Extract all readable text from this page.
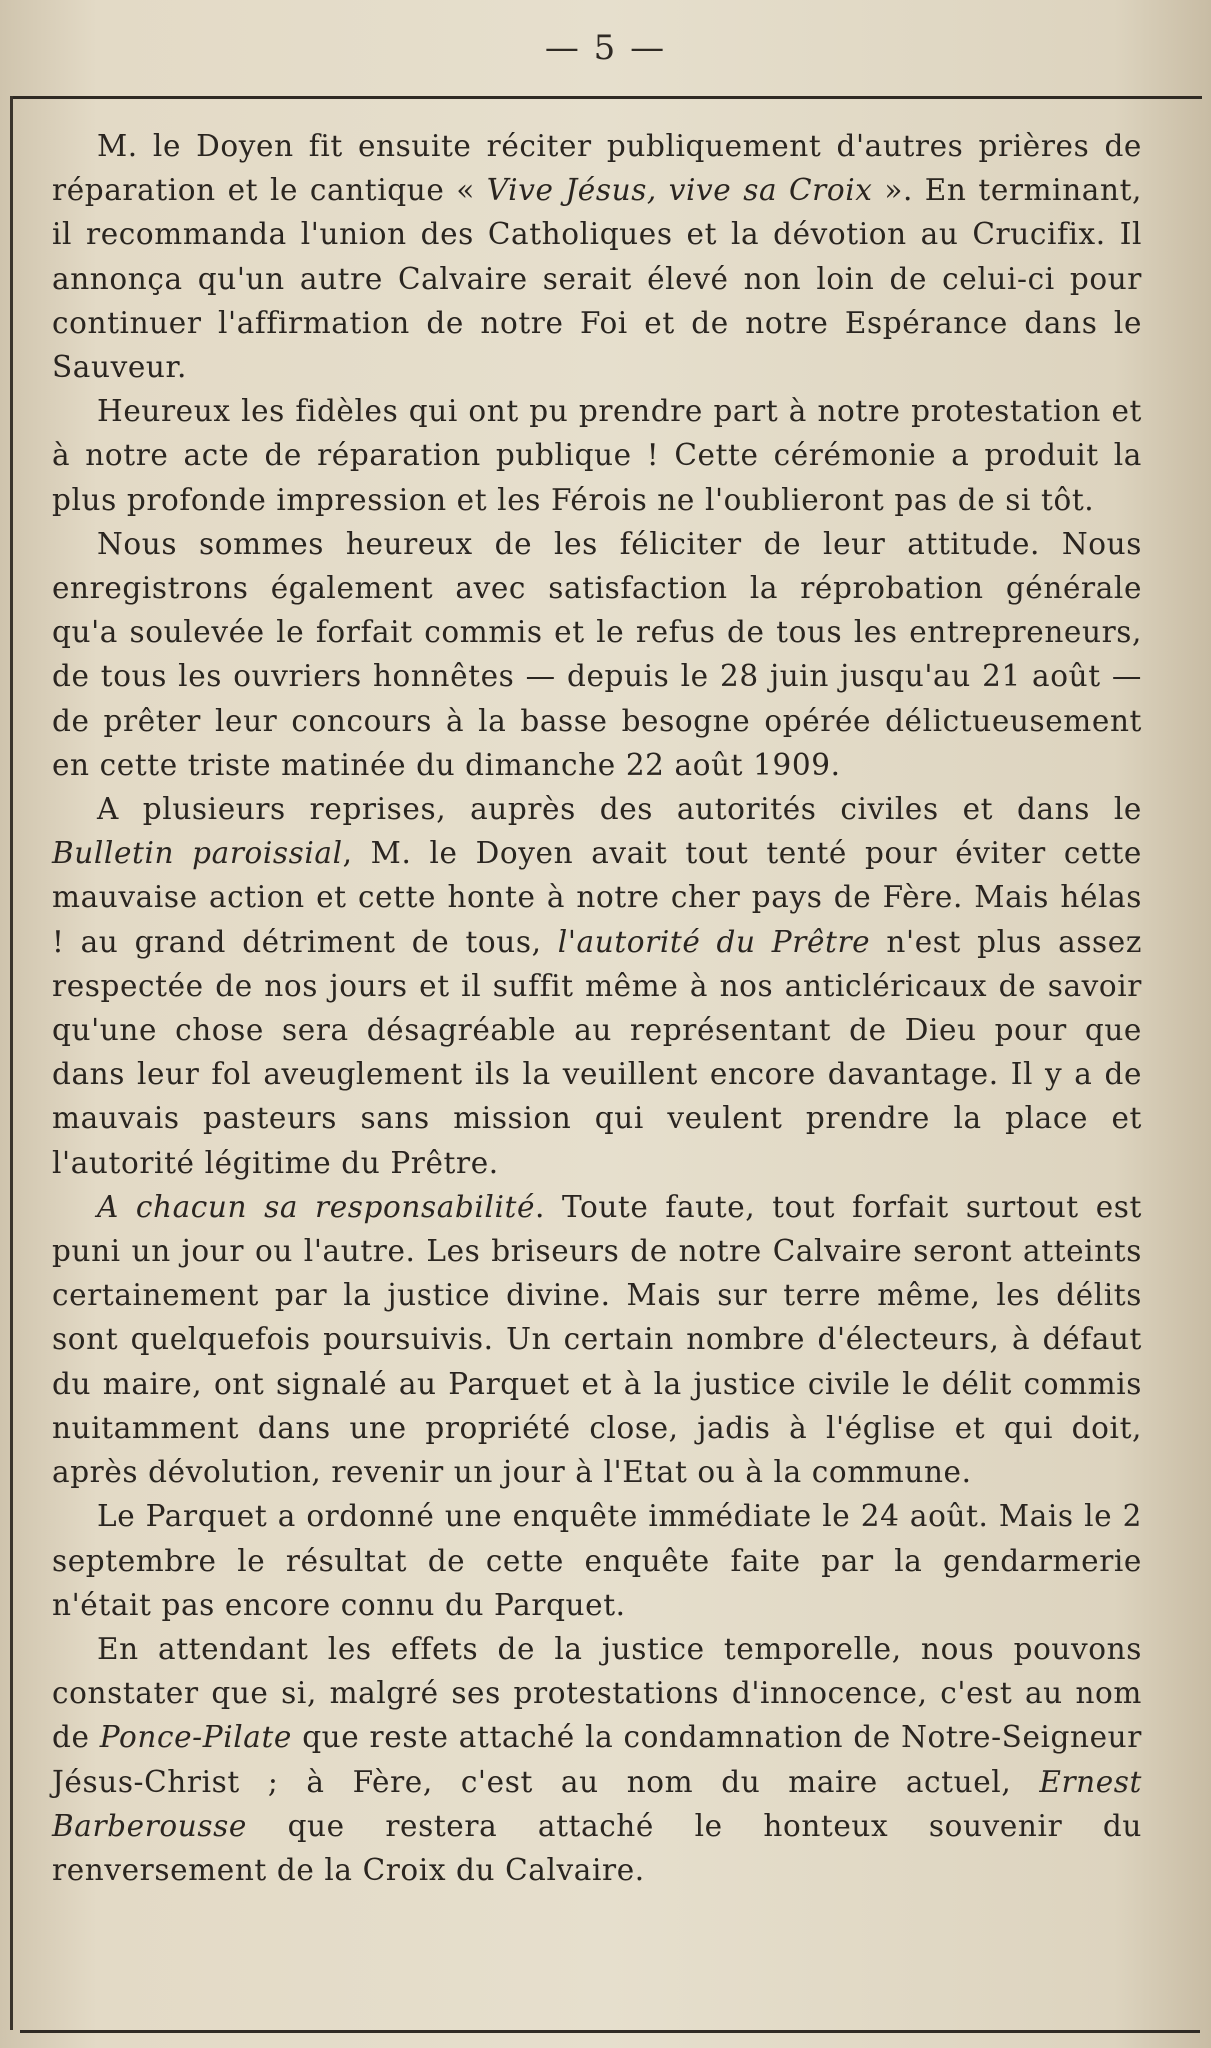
— 5 —

M. le Doyen fit ensuite réciter publiquement d'autres prières de réparation et le cantique « Vive Jésus, vive sa Croix ». En terminant, il recommanda l'union des Catholiques et la dévotion au Crucifix. Il annonça qu'un autre Calvaire serait élevé non loin de celui-ci pour continuer l'affirmation de notre Foi et de notre Espérance dans le Sauveur.

Heureux les fidèles qui ont pu prendre part à notre protestation et à notre acte de réparation publique ! Cette cérémonie a produit la plus profonde impression et les Férois ne l'oublieront pas de si tôt.

Nous sommes heureux de les féliciter de leur attitude. Nous enregistrons également avec satisfaction la réprobation générale qu'a soulevée le forfait commis et le refus de tous les entrepreneurs, de tous les ouvriers honnêtes — depuis le 28 juin jusqu'au 21 août — de prêter leur concours à la basse besogne opérée délictueusement en cette triste matinée du dimanche 22 août 1909.

A plusieurs reprises, auprès des autorités civiles et dans le Bulletin paroissial, M. le Doyen avait tout tenté pour éviter cette mauvaise action et cette honte à notre cher pays de Fère. Mais hélas ! au grand détriment de tous, l'autorité du Prêtre n'est plus assez respectée de nos jours et il suffit même à nos anticléricaux de savoir qu'une chose sera désagréable au représentant de Dieu pour que dans leur fol aveuglement ils la veuillent encore davantage. Il y a de mauvais pasteurs sans mission qui veulent prendre la place et l'autorité légitime du Prêtre.

A chacun sa responsabilité. Toute faute, tout forfait surtout est puni un jour ou l'autre. Les briseurs de notre Calvaire seront atteints certainement par la justice divine. Mais sur terre même, les délits sont quelquefois poursuivis. Un certain nombre d'électeurs, à défaut du maire, ont signalé au Parquet et à la justice civile le délit commis nuitamment dans une propriété close, jadis à l'église et qui doit, après dévolution, revenir un jour à l'Etat ou à la commune.

Le Parquet a ordonné une enquête immédiate le 24 août. Mais le 2 septembre le résultat de cette enquête faite par la gendarmerie n'était pas encore connu du Parquet.

En attendant les effets de la justice temporelle, nous pouvons constater que si, malgré ses protestations d'innocence, c'est au nom de Ponce-Pilate que reste attaché la condamnation de Notre-Seigneur Jésus-Christ ; à Fère, c'est au nom du maire actuel, Ernest Barberousse que restera attaché le honteux souvenir du renversement de la Croix du Calvaire.
